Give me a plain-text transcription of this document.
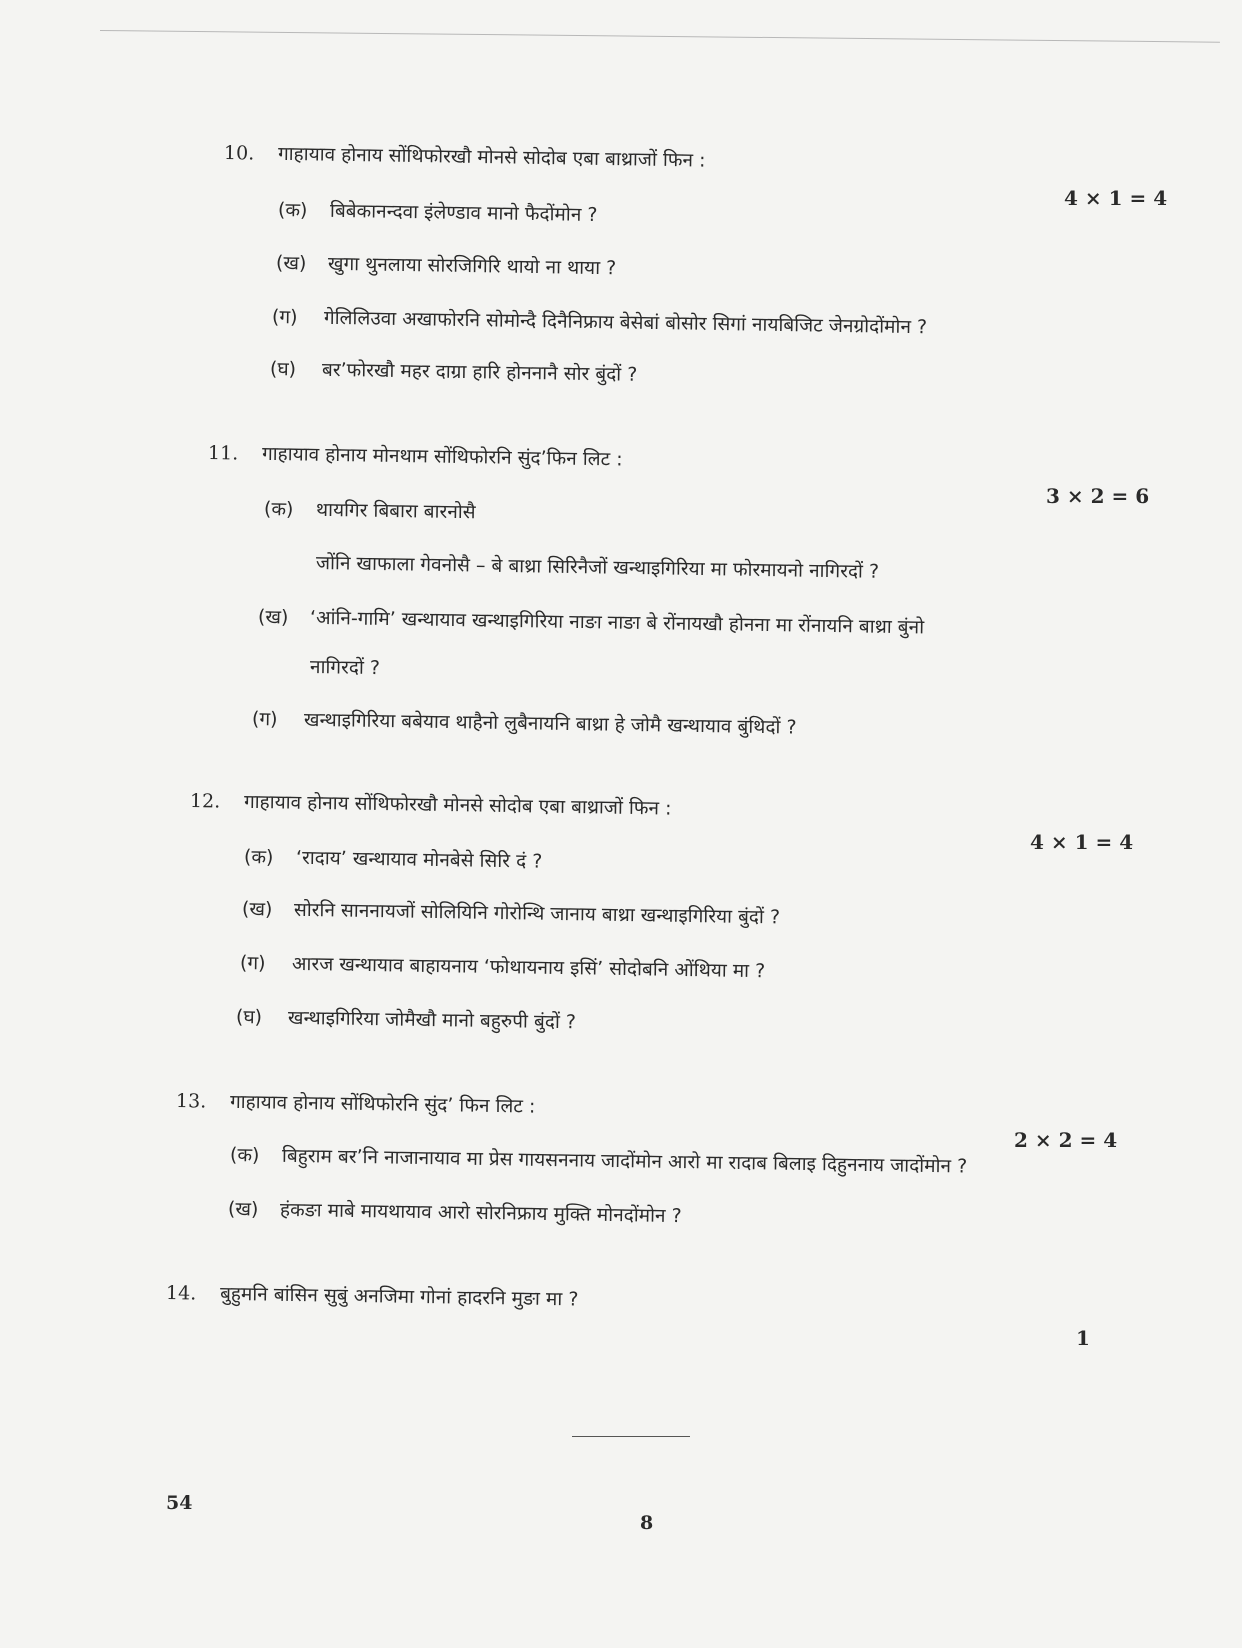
10. गाहायाव होनाय सोंथिफोरखौ मोनसे सोदोब एबा बाथ्राजों फिन :
4 × 1 = 4
(क) बिबेकानन्दवा इंलेण्डाव मानो फैदोंमोन ?
(ख) खुगा थुनलाया सोरजिगिरि थायो ना थाया ?
(ग) गेलिलिउवा अखाफोरनि सोमोन्दै दिनैनिफ्राय बेसेबां बोसोर सिगां नायबिजिट जेनग्रोदोंमोन ?
(घ) बर’फोरखौ महर दाग्रा हारि होननानै सोर बुंदों ?
11. गाहायाव होनाय मोनथाम सोंथिफोरनि सुंद’फिन लिट :
3 × 2 = 6
(क) थायगिर बिबारा बारनोसै
जोंनि खाफाला गेवनोसै – बे बाथ्रा सिरिनैजों खन्थाइगिरिया मा फोरमायनो नागिरदों ?
(ख) ‘आंनि-गामि’ खन्थायाव खन्थाइगिरिया नाङा नाङा बे रोंनायखौ होनना मा रोंनायनि बाथ्रा बुंनो
नागिरदों ?
(ग) खन्थाइगिरिया बबेयाव थाहैनो लुबैनायनि बाथ्रा हे जोमै खन्थायाव बुंथिदों ?
12. गाहायाव होनाय सोंथिफोरखौ मोनसे सोदोब एबा बाथ्राजों फिन :
4 × 1 = 4
(क) ‘रादाय’ खन्थायाव मोनबेसे सिरि दं ?
(ख) सोरनि साननायजों सोलियिनि गोरोन्थि जानाय बाथ्रा खन्थाइगिरिया बुंदों ?
(ग) आरज खन्थायाव बाहायनाय ‘फोथायनाय इसिं’ सोदोबनि ओंथिया मा ?
(घ) खन्थाइगिरिया जोमैखौ मानो बहुरुपी बुंदों ?
13. गाहायाव होनाय सोंथिफोरनि सुंद’ फिन लिट :
2 × 2 = 4
(क) बिहुराम बर’नि नाजानायाव मा प्रेस गायसननाय जादोंमोन आरो मा रादाब बिलाइ दिहुननाय जादोंमोन ?
(ख) हंकङा माबे मायथायाव आरो सोरनिफ्राय मुक्ति मोनदोंमोन ?
14. बुहुमनि बांसिन सुबुं अनजिमा गोनां हादरनि मुङा मा ?
1
54
8
